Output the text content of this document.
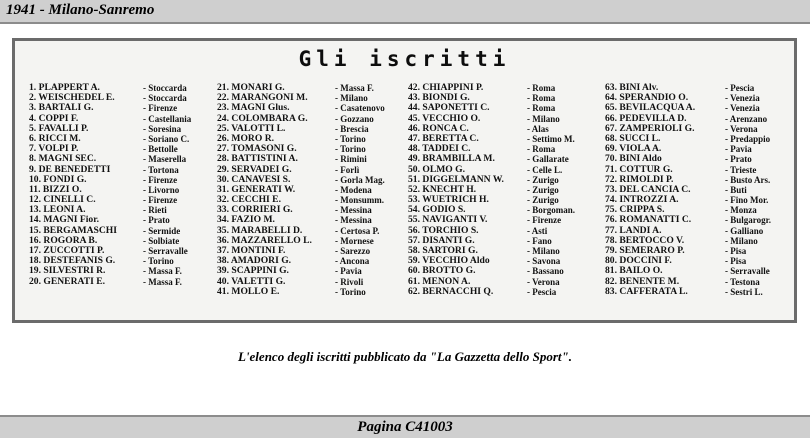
1941 - Milano-Sanremo
Gli iscritti
1. PLAPPERT A.	- Stoccarda
2. WEISCHEDEL E.	- Stoccarda
3. BARTALI G.	- Firenze
4. COPPI F.	- Castellania
5. FAVALLI P.	- Soresina
6. RICCI M.	- Soriano C.
7. VOLPI P.	- Bettolle
8. MAGNI SEC.	- Maserella
9. DE BENEDETTI	- Tortona
10. FONDI G.	- Firenze
11. BIZZI O.	- Livorno
12. CINELLI C.	- Firenze
13. LEONI A.	- Rieti
14. MAGNI Fior.	- Prato
15. BERGAMASCHI	- Sermide
16. ROGORA B.	- Solbiate
17. ZUCCOTTI P.	- Serravalle
18. DESTEFANIS G.	- Torino
19. SILVESTRI R.	- Massa F.
20. GENERATI E.	- Massa F.
21. MONARI G.	- Massa F.
22. MARANGONI M.	- Milano
23. MAGNI Glus.	- Casatenovo
24. COLOMBARA G.	- Gozzano
25. VALOTTI L.	- Brescia
26. MORO R.	- Torino
27. TOMASONI G.	- Torino
28. BATTISTINI A.	- Rimini
29. SERVADEI G.	- Forlì
30. CANAVESI S.	- Gorla Mag.
31. GENERATI W.	- Modena
32. CECCHI E.	- Monsumm.
33. CORRIERI G.	- Messina
34. FAZIO M.	- Messina
35. MARABELLI D.	- Certosa P.
36. MAZZARELLO L.	- Mornese
37. MONTINI F.	- Sarezzo
38. AMADORI G.	- Ancona
39. SCAPPINI G.	- Pavia
40. VALETTI G.	- Rivoli
41. MOLLO E.	- Torino
42. CHIAPPINI P.	- Roma
43. BIONDI G.	- Roma
44. SAPONETTI C.	- Roma
45. VECCHIO O.	- Milano
46. RONCA C.	- Alas
47. BERETTA C.	- Settimo M.
48. TADDEI C.	- Roma
49. BRAMBILLA M.	- Gallarate
50. OLMO G.	- Celle L.
51. DIGGELMANN W.	- Zurigo
52. KNECHT H.	- Zurigo
53. WUETRICH H.	- Zurigo
54. GODIO S.	- Borgoman.
55. NAVIGANTI V.	- Firenze
56. TORCHIO S.	- Asti
57. DISANTI G.	- Fano
58. SARTORI G.	- Milano
59. VECCHIO Aldo	- Savona
60. BROTTO G.	- Bassano
61. MENON A.	- Verona
62. BERNACCHI Q.	- Pescia
63. BINI Alv.	- Pescia
64. SPERANDIO O.	- Venezia
65. BEVILACQUA A.	- Venezia
66. PEDEVILLA D.	- Arenzano
67. ZAMPERIOLI G.	- Verona
68. SUCCI L.	- Predappio
69. VIOLA A.	- Pavia
70. BINI Aldo	- Prato
71. COTTUR G.	- Trieste
72. RIMOLDI P.	- Busto Ars.
73. DEL CANCIA C.	- Buti
74. INTROZZI A.	- Fino Mor.
75. CRIPPA S.	- Monza
76. ROMANATTI C.	- Bulgarogr.
77. LANDI A.	- Galliano
78. BERTOCCO V.	- Milano
79. SEMERARO P.	- Pisa
80. DOCCINI F.	- Pisa
81. BAILO O.	- Serravalle
82. BENENTE M.	- Testona
83. CAFFERATA L.	- Sestri L.
L'elenco degli iscritti pubblicato da "La Gazzetta dello Sport".
Pagina C41003
